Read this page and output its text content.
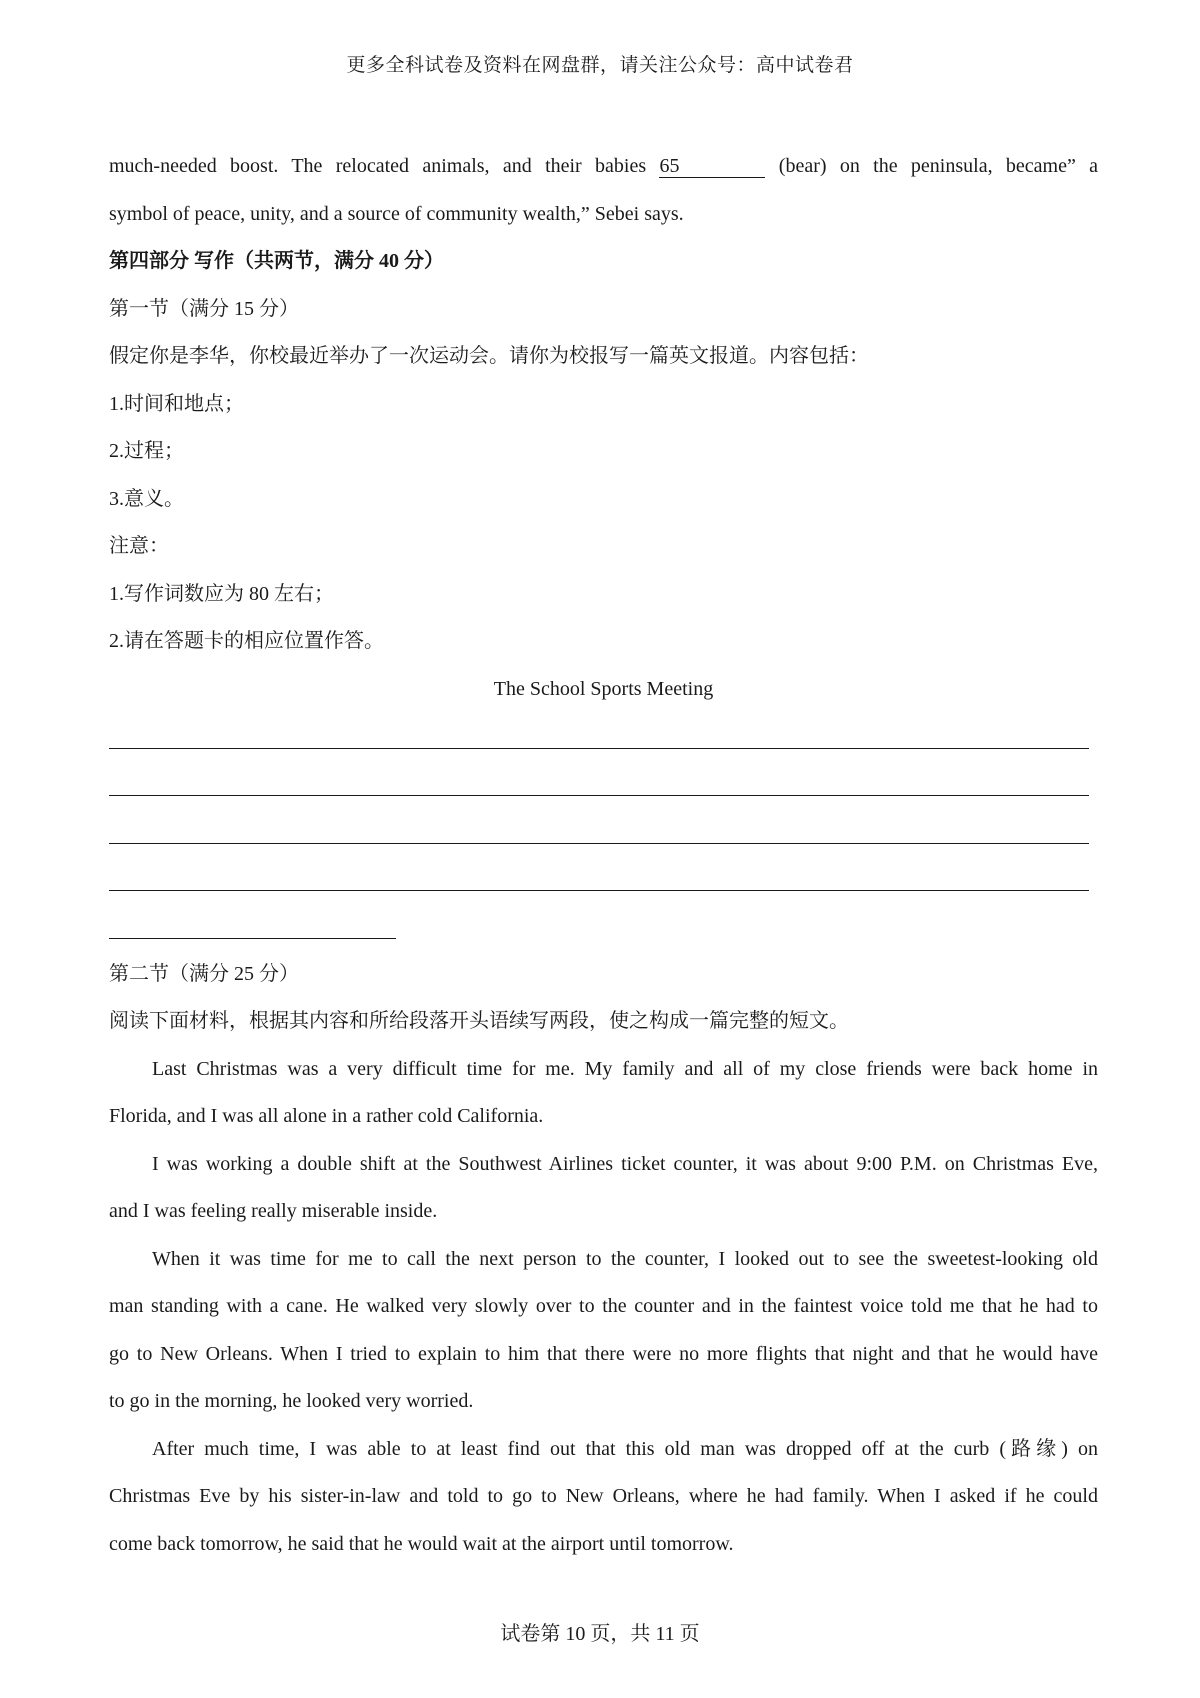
更多全科试卷及资料在网盘群，请关注公众号：高中试卷君
much-needed boost. The relocated animals, and their babies 65	(bear) on the peninsula, became” a
symbol of peace, unity, and a source of community wealth,” Sebei says.
第四部分 写作（共两节，满分 40 分）
第一节（满分 15 分）
假定你是李华，你校最近举办了一次运动会。请你为校报写一篇英文报道。内容包括：
1.时间和地点；
2.过程；
3.意义。
注意：
1.写作词数应为 80 左右；
2.请在答题卡的相应位置作答。
The School Sports Meeting
第二节（满分 25 分）
阅读下面材料，根据其内容和所给段落开头语续写两段，使之构成一篇完整的短文。
Last Christmas was a very difficult time for me. My family and all of my close friends were back home in
Florida, and I was all alone in a rather cold California.
I was working a double shift at the Southwest Airlines ticket counter, it was about 9:00 P.M. on Christmas Eve,
and I was feeling really miserable inside.
When it was time for me to call the next person to the counter, I looked out to see the sweetest-looking old
man standing with a cane. He walked very slowly over to the counter and in the faintest voice told me that he had to
go to New Orleans. When I tried to explain to him that there were no more flights that night and that he would have
to go in the morning, he looked very worried.
After much time, I was able to at least find out that this old man was dropped off at the curb (路缘) on
Christmas Eve by his sister-in-law and told to go to New Orleans, where he had family. When I asked if he could
come back tomorrow, he said that he would wait at the airport until tomorrow.
试卷第 10 页，共 11 页
